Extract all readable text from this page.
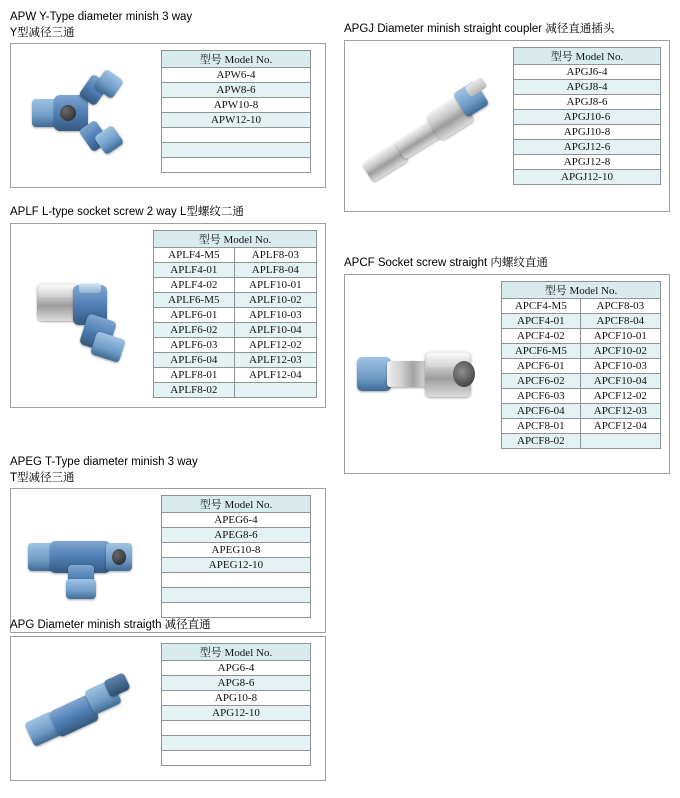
APW Y-Type diameter minish 3 way
Y型减径三通
型号 Model No.
APW6-4
APW8-6
APW10-8
APW12-10

APGJ Diameter minish straight coupler 减径直通插头
型号 Model No.
APGJ6-4
APGJ8-4
APGJ8-6
APGJ10-6
APGJ10-8
APGJ12-6
APGJ12-8
APGJ12-10
APLF L-type socket screw 2 way L型螺纹二通
型号 Model No.	
APLF4-M5	APLF8-03
APLF4-01	APLF8-04
APLF4-02	APLF10-01
APLF6-M5	APLF10-02
APLF6-01	APLF10-03
APLF6-02	APLF10-04
APLF6-03	APLF12-02
APLF6-04	APLF12-03
APLF8-01	APLF12-04
APLF8-02	
APCF Socket screw straight 内螺纹直通
型号 Model No.	
APCF4-M5	APCF8-03
APCF4-01	APCF8-04
APCF4-02	APCF10-01
APCF6-M5	APCF10-02
APCF6-01	APCF10-03
APCF6-02	APCF10-04
APCF6-03	APCF12-02
APCF6-04	APCF12-03
APCF8-01	APCF12-04
APCF8-02	
APEG T-Type diameter minish 3 way
T型减径三通
型号 Model No.
APEG6-4
APEG8-6
APEG10-8
APEG12-10

APG Diameter minish straigth 减径直通
型号 Model No.
APG6-4
APG8-6
APG10-8
APG12-10
